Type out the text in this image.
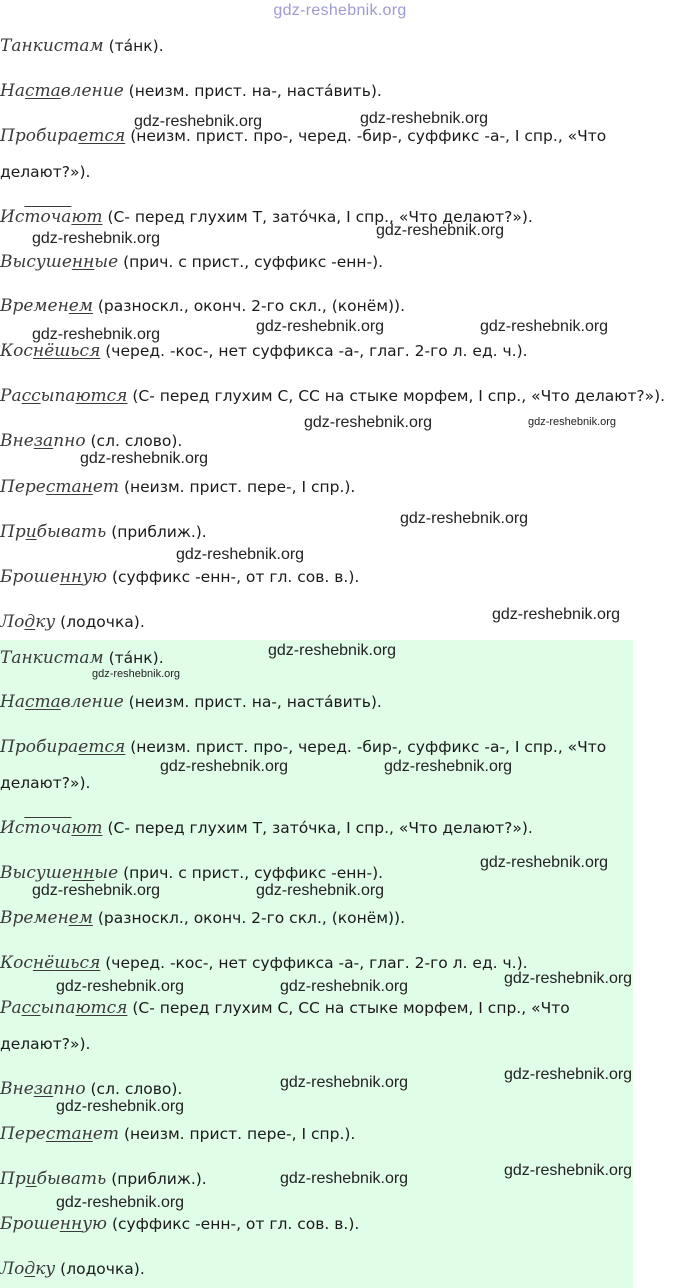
gdz-reshebnik.org
Танкистам (та́нк).
Наставление (неизм. прист. на-, наста́вить).
Пробирается (неизм. прист. про-, черед. -бир-, суффикс -а-, I спр., «Что делают?»).
Источают (С- перед глухим Т, зато́чка, I спр., «Что делают?»).
Высушенные (прич. с прист., суффикс -енн-).
Временем (разноскл., оконч. 2-го скл., (конём)).
Коснёшься (черед. -кос-, нет суффикса -а-, глаг. 2-го л. ед. ч.).
Рассыпаются (С- перед глухим С, СС на стыке морфем, I спр., «Что делают?»).
Внезапно (сл. слово).
Перестанет (неизм. прист. пере-, I спр.).
Прибывать (приближ.).
Брошенную (суффикс -енн-, от гл. сов. в.).
Лодку (лодочка).
Танкистам (та́нк).
Наставление (неизм. прист. на-, наста́вить).
Пробирается (неизм. прист. про-, черед. -бир-, суффикс -а-, I спр., «Что делают?»).
Источают (С- перед глухим Т, зато́чка, I спр., «Что делают?»).
Высушенные (прич. с прист., суффикс -енн-).
Временем (разноскл., оконч. 2-го скл., (конём)).
Коснёшься (черед. -кос-, нет суффикса -а-, глаг. 2-го л. ед. ч.).
Рассыпаются (С- перед глухим С, СС на стыке морфем, I спр., «Что делают?»).
Внезапно (сл. слово).
Перестанет (неизм. прист. пере-, I спр.).
Прибывать (приближ.).
Брошенную (суффикс -енн-, от гл. сов. в.).
Лодку (лодочка).
gdz-reshebnik.org	gdz-reshebnik.org
gdz-reshebnik.org	gdz-reshebnik.org
gdz-reshebnik.org	gdz-reshebnik.org	gdz-reshebnik.org
gdz-reshebnik.org	gdz-reshebnik.org
gdz-reshebnik.org
gdz-reshebnik.org
gdz-reshebnik.org
gdz-reshebnik.org
gdz-reshebnik.org
gdz-reshebnik.org
gdz-reshebnik.org	gdz-reshebnik.org
gdz-reshebnik.org
gdz-reshebnik.org	gdz-reshebnik.org
gdz-reshebnik.org
gdz-reshebnik.org	gdz-reshebnik.org
gdz-reshebnik.org
gdz-reshebnik.org
gdz-reshebnik.org
gdz-reshebnik.org
gdz-reshebnik.org
gdz-reshebnik.org
